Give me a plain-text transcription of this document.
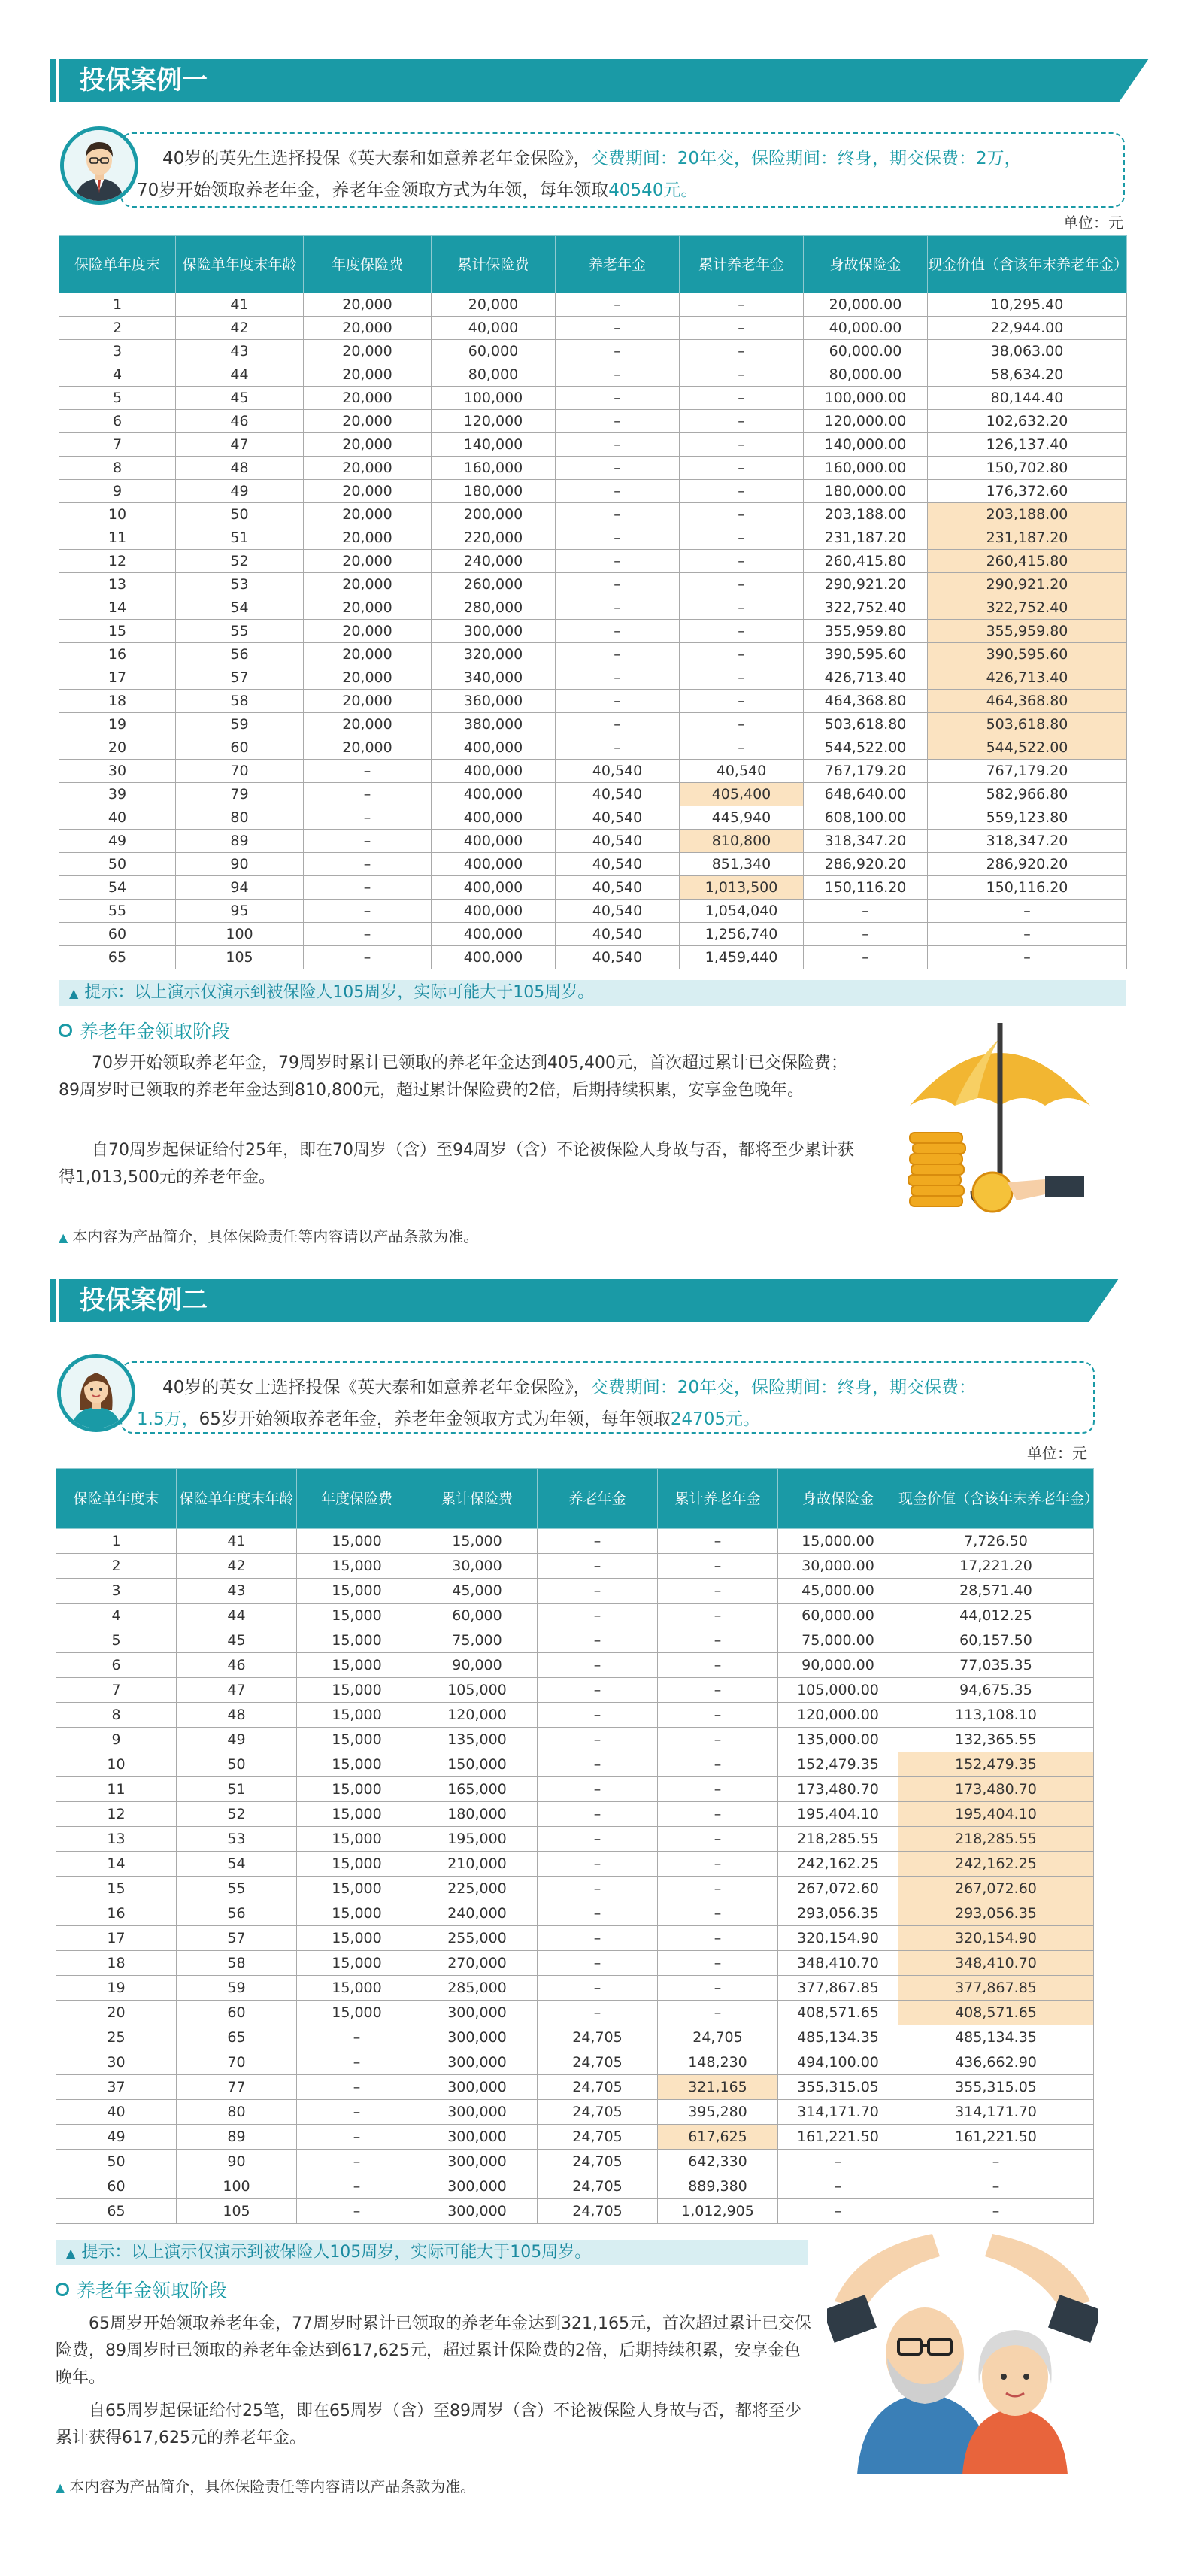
投保案例一
40岁的英先生选择投保《英大泰和如意养老年金保险》，交费期间：20年交，保险期间：终身，期交保费：2万，
70岁开始领取养老年金，养老年金领取方式为年领，每年领取40540元。
单位：元
保险单年度末	保险单年度末年龄	年度保险费	累计保险费	养老年金	累计养老年金	身故保险金	现金价值（含该年末养老年金）
1	41	20,000	20,000	–	–	20,000.00	10,295.40
2	42	20,000	40,000	–	–	40,000.00	22,944.00
3	43	20,000	60,000	–	–	60,000.00	38,063.00
4	44	20,000	80,000	–	–	80,000.00	58,634.20
5	45	20,000	100,000	–	–	100,000.00	80,144.40
6	46	20,000	120,000	–	–	120,000.00	102,632.20
7	47	20,000	140,000	–	–	140,000.00	126,137.40
8	48	20,000	160,000	–	–	160,000.00	150,702.80
9	49	20,000	180,000	–	–	180,000.00	176,372.60
10	50	20,000	200,000	–	–	203,188.00	203,188.00
11	51	20,000	220,000	–	–	231,187.20	231,187.20
12	52	20,000	240,000	–	–	260,415.80	260,415.80
13	53	20,000	260,000	–	–	290,921.20	290,921.20
14	54	20,000	280,000	–	–	322,752.40	322,752.40
15	55	20,000	300,000	–	–	355,959.80	355,959.80
16	56	20,000	320,000	–	–	390,595.60	390,595.60
17	57	20,000	340,000	–	–	426,713.40	426,713.40
18	58	20,000	360,000	–	–	464,368.80	464,368.80
19	59	20,000	380,000	–	–	503,618.80	503,618.80
20	60	20,000	400,000	–	–	544,522.00	544,522.00
30	70	–	400,000	40,540	40,540	767,179.20	767,179.20
39	79	–	400,000	40,540	405,400	648,640.00	582,966.80
40	80	–	400,000	40,540	445,940	608,100.00	559,123.80
49	89	–	400,000	40,540	810,800	318,347.20	318,347.20
50	90	–	400,000	40,540	851,340	286,920.20	286,920.20
54	94	–	400,000	40,540	1,013,500	150,116.20	150,116.20
55	95	–	400,000	40,540	1,054,040	–	–
60	100	–	400,000	40,540	1,256,740	–	–
65	105	–	400,000	40,540	1,459,440	–	–
▲ 提示：以上演示仅演示到被保险人105周岁，实际可能大于105周岁。
养老年金领取阶段

70岁开始领取养老年金，79周岁时累计已领取的养老年金达到405,400元，首次超过累计已交保险费；89周岁时已领取的养老年金达到810,800元，超过累计保险费的2倍，后期持续积累，安享金色晚年。

自70周岁起保证给付25年，即在70周岁（含）至94周岁（含）不论被保险人身故与否，都将至少累计获得1,013,500元的养老年金。

▲ 本内容为产品简介，具体保险责任等内容请以产品条款为准。
投保案例二
40岁的英女士选择投保《英大泰和如意养老年金保险》，交费期间：20年交，保险期间：终身，期交保费：
1.5万，65岁开始领取养老年金，养老年金领取方式为年领，每年领取24705元。
单位：元
保险单年度末	保险单年度末年龄	年度保险费	累计保险费	养老年金	累计养老年金	身故保险金	现金价值（含该年末养老年金）
1	41	15,000	15,000	–	–	15,000.00	7,726.50
2	42	15,000	30,000	–	–	30,000.00	17,221.20
3	43	15,000	45,000	–	–	45,000.00	28,571.40
4	44	15,000	60,000	–	–	60,000.00	44,012.25
5	45	15,000	75,000	–	–	75,000.00	60,157.50
6	46	15,000	90,000	–	–	90,000.00	77,035.35
7	47	15,000	105,000	–	–	105,000.00	94,675.35
8	48	15,000	120,000	–	–	120,000.00	113,108.10
9	49	15,000	135,000	–	–	135,000.00	132,365.55
10	50	15,000	150,000	–	–	152,479.35	152,479.35
11	51	15,000	165,000	–	–	173,480.70	173,480.70
12	52	15,000	180,000	–	–	195,404.10	195,404.10
13	53	15,000	195,000	–	–	218,285.55	218,285.55
14	54	15,000	210,000	–	–	242,162.25	242,162.25
15	55	15,000	225,000	–	–	267,072.60	267,072.60
16	56	15,000	240,000	–	–	293,056.35	293,056.35
17	57	15,000	255,000	–	–	320,154.90	320,154.90
18	58	15,000	270,000	–	–	348,410.70	348,410.70
19	59	15,000	285,000	–	–	377,867.85	377,867.85
20	60	15,000	300,000	–	–	408,571.65	408,571.65
25	65	–	300,000	24,705	24,705	485,134.35	485,134.35
30	70	–	300,000	24,705	148,230	494,100.00	436,662.90
37	77	–	300,000	24,705	321,165	355,315.05	355,315.05
40	80	–	300,000	24,705	395,280	314,171.70	314,171.70
49	89	–	300,000	24,705	617,625	161,221.50	161,221.50
50	90	–	300,000	24,705	642,330	–	–
60	100	–	300,000	24,705	889,380	–	–
65	105	–	300,000	24,705	1,012,905	–	–
▲ 提示：以上演示仅演示到被保险人105周岁，实际可能大于105周岁。
养老年金领取阶段

65周岁开始领取养老年金，77周岁时累计已领取的养老年金达到321,165元，首次超过累计已交保险费，89周岁时已领取的养老年金达到617,625元，超过累计保险费的2倍，后期持续积累，安享金色晚年。

自65周岁起保证给付25笔，即在65周岁（含）至89周岁（含）不论被保险人身故与否，都将至少累计获得617,625元的养老年金。

▲ 本内容为产品简介，具体保险责任等内容请以产品条款为准。
